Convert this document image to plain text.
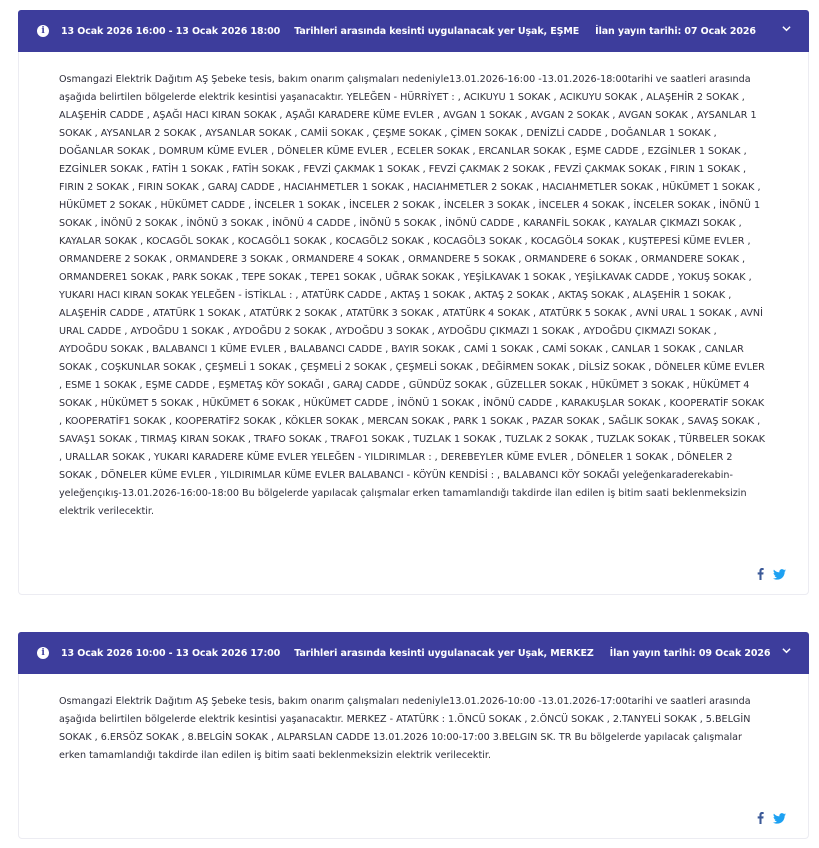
i	13 Ocak 2026 16:00 - 13 Ocak 2026 18:00 Tarihleri arasında kesinti uygulanacak yer Uşak, EŞME İlan yayın tarihi: 07 Ocak 2026
Osmangazi Elektrik Dağıtım AŞ Şebeke tesis, bakım onarım çalışmaları nedeniyle13.01.2026-16:00 -13.01.2026-18:00tarihi ve saatleri arasında aşağıda belirtilen bölgelerde elektrik kesintisi yaşanacaktır. YELEĞEN - HÜRRİYET : , ACIKUYU 1 SOKAK , ACIKUYU SOKAK , ALAŞEHİR 2 SOKAK , ALAŞEHİR CADDE , AŞAĞI HACI KIRAN SOKAK , AŞAĞI KARADERE KÜME EVLER , AVGAN 1 SOKAK , AVGAN 2 SOKAK , AVGAN SOKAK , AYSANLAR 1 SOKAK , AYSANLAR 2 SOKAK , AYSANLAR SOKAK , CAMİİ SOKAK , ÇEŞME SOKAK , ÇİMEN SOKAK , DENİZLİ CADDE , DOĞANLAR 1 SOKAK , DOĞANLAR SOKAK , DOMRUM KÜME EVLER , DÖNELER KÜME EVLER , ECELER SOKAK , ERCANLAR SOKAK , EŞME CADDE , EZGİNLER 1 SOKAK , EZGİNLER SOKAK , FATİH 1 SOKAK , FATİH SOKAK , FEVZİ ÇAKMAK 1 SOKAK , FEVZİ ÇAKMAK 2 SOKAK , FEVZİ ÇAKMAK SOKAK , FIRIN 1 SOKAK , FIRIN 2 SOKAK , FIRIN SOKAK , GARAJ CADDE , HACIAHMETLER 1 SOKAK , HACIAHMETLER 2 SOKAK , HACIAHMETLER SOKAK , HÜKÜMET 1 SOKAK , HÜKÜMET 2 SOKAK , HÜKÜMET CADDE , İNCELER 1 SOKAK , İNCELER 2 SOKAK , İNCELER 3 SOKAK , İNCELER 4 SOKAK , İNCELER SOKAK , İNÖNÜ 1 SOKAK , İNÖNÜ 2 SOKAK , İNÖNÜ 3 SOKAK , İNÖNÜ 4 CADDE , İNÖNÜ 5 SOKAK , İNÖNÜ CADDE , KARANFİL SOKAK , KAYALAR ÇIKMAZI SOKAK , KAYALAR SOKAK , KOCAGÖL SOKAK , KOCAGÖL1 SOKAK , KOCAGÖL2 SOKAK , KOCAGÖL3 SOKAK , KOCAGÖL4 SOKAK , KUŞTEPESİ KÜME EVLER , ORMANDERE 2 SOKAK , ORMANDERE 3 SOKAK , ORMANDERE 4 SOKAK , ORMANDERE 5 SOKAK , ORMANDERE 6 SOKAK , ORMANDERE SOKAK , ORMANDERE1 SOKAK , PARK SOKAK , TEPE SOKAK , TEPE1 SOKAK , UĞRAK SOKAK , YEŞİLKAVAK 1 SOKAK , YEŞİLKAVAK CADDE , YOKUŞ SOKAK , YUKARI HACI KIRAN SOKAK YELEĞEN - İSTİKLAL : , ATATÜRK CADDE , AKTAŞ 1 SOKAK , AKTAŞ 2 SOKAK , AKTAŞ SOKAK , ALAŞEHİR 1 SOKAK , ALAŞEHİR CADDE , ATATÜRK 1 SOKAK , ATATÜRK 2 SOKAK , ATATÜRK 3 SOKAK , ATATÜRK 4 SOKAK , ATATÜRK 5 SOKAK , AVNİ URAL 1 SOKAK , AVNİ URAL CADDE , AYDOĞDU 1 SOKAK , AYDOĞDU 2 SOKAK , AYDOĞDU 3 SOKAK , AYDOĞDU ÇIKMAZI 1 SOKAK , AYDOĞDU ÇIKMAZI SOKAK , AYDOĞDU SOKAK , BALABANCI 1 KÜME EVLER , BALABANCI CADDE , BAYIR SOKAK , CAMİ 1 SOKAK , CAMİ SOKAK , CANLAR 1 SOKAK , CANLAR SOKAK , COŞKUNLAR SOKAK , ÇEŞMELİ 1 SOKAK , ÇEŞMELİ 2 SOKAK , ÇEŞMELİ SOKAK , DEĞİRMEN SOKAK , DİLSİZ SOKAK , DÖNELER KÜME EVLER , ESME 1 SOKAK , EŞME CADDE , EŞMETAŞ KÖY SOKAĞI , GARAJ CADDE , GÜNDÜZ SOKAK , GÜZELLER SOKAK , HÜKÜMET 3 SOKAK , HÜKÜMET 4 SOKAK , HÜKÜMET 5 SOKAK , HÜKÜMET 6 SOKAK , HÜKÜMET CADDE , İNÖNÜ 1 SOKAK , İNÖNÜ CADDE , KARAKUŞLAR SOKAK , KOOPERATİF SOKAK , KOOPERATİF1 SOKAK , KOOPERATİF2 SOKAK , KÖKLER SOKAK , MERCAN SOKAK , PARK 1 SOKAK , PAZAR SOKAK , SAĞLIK SOKAK , SAVAŞ SOKAK , SAVAŞ1 SOKAK , TIRMAŞ KIRAN SOKAK , TRAFO SOKAK , TRAFO1 SOKAK , TUZLAK 1 SOKAK , TUZLAK 2 SOKAK , TUZLAK SOKAK , TÜRBELER SOKAK , URALLAR SOKAK , YUKARI KARADERE KÜME EVLER YELEĞEN - YILDIRIMLAR : , DEREBEYLER KÜME EVLER , DÖNELER 1 SOKAK , DÖNELER 2 SOKAK , DÖNELER KÜME EVLER , YILDIRIMLAR KÜME EVLER BALABANCI - KÖYÜN KENDİSİ : , BALABANCI KÖY SOKAĞI yeleğenkaraderekabin-yeleğençıkış-13.01.2026-16:00-18:00 Bu bölgelerde yapılacak çalışmalar erken tamamlandığı takdirde ilan edilen iş bitim saati beklenmeksizin elektrik verilecektir.
i	13 Ocak 2026 10:00 - 13 Ocak 2026 17:00 Tarihleri arasında kesinti uygulanacak yer Uşak, MERKEZ İlan yayın tarihi: 09 Ocak 2026
Osmangazi Elektrik Dağıtım AŞ Şebeke tesis, bakım onarım çalışmaları nedeniyle13.01.2026-10:00 -13.01.2026-17:00tarihi ve saatleri arasında aşağıda belirtilen bölgelerde elektrik kesintisi yaşanacaktır. MERKEZ - ATATÜRK : 1.ÖNCÜ SOKAK , 2.ÖNCÜ SOKAK , 2.TANYELİ SOKAK , 5.BELGİN SOKAK , 6.ERSÖZ SOKAK , 8.BELGİN SOKAK , ALPARSLAN CADDE 13.01.2026 10:00-17:00 3.BELGIN SK. TR Bu bölgelerde yapılacak çalışmalar erken tamamlandığı takdirde ilan edilen iş bitim saati beklenmeksizin elektrik verilecektir.
